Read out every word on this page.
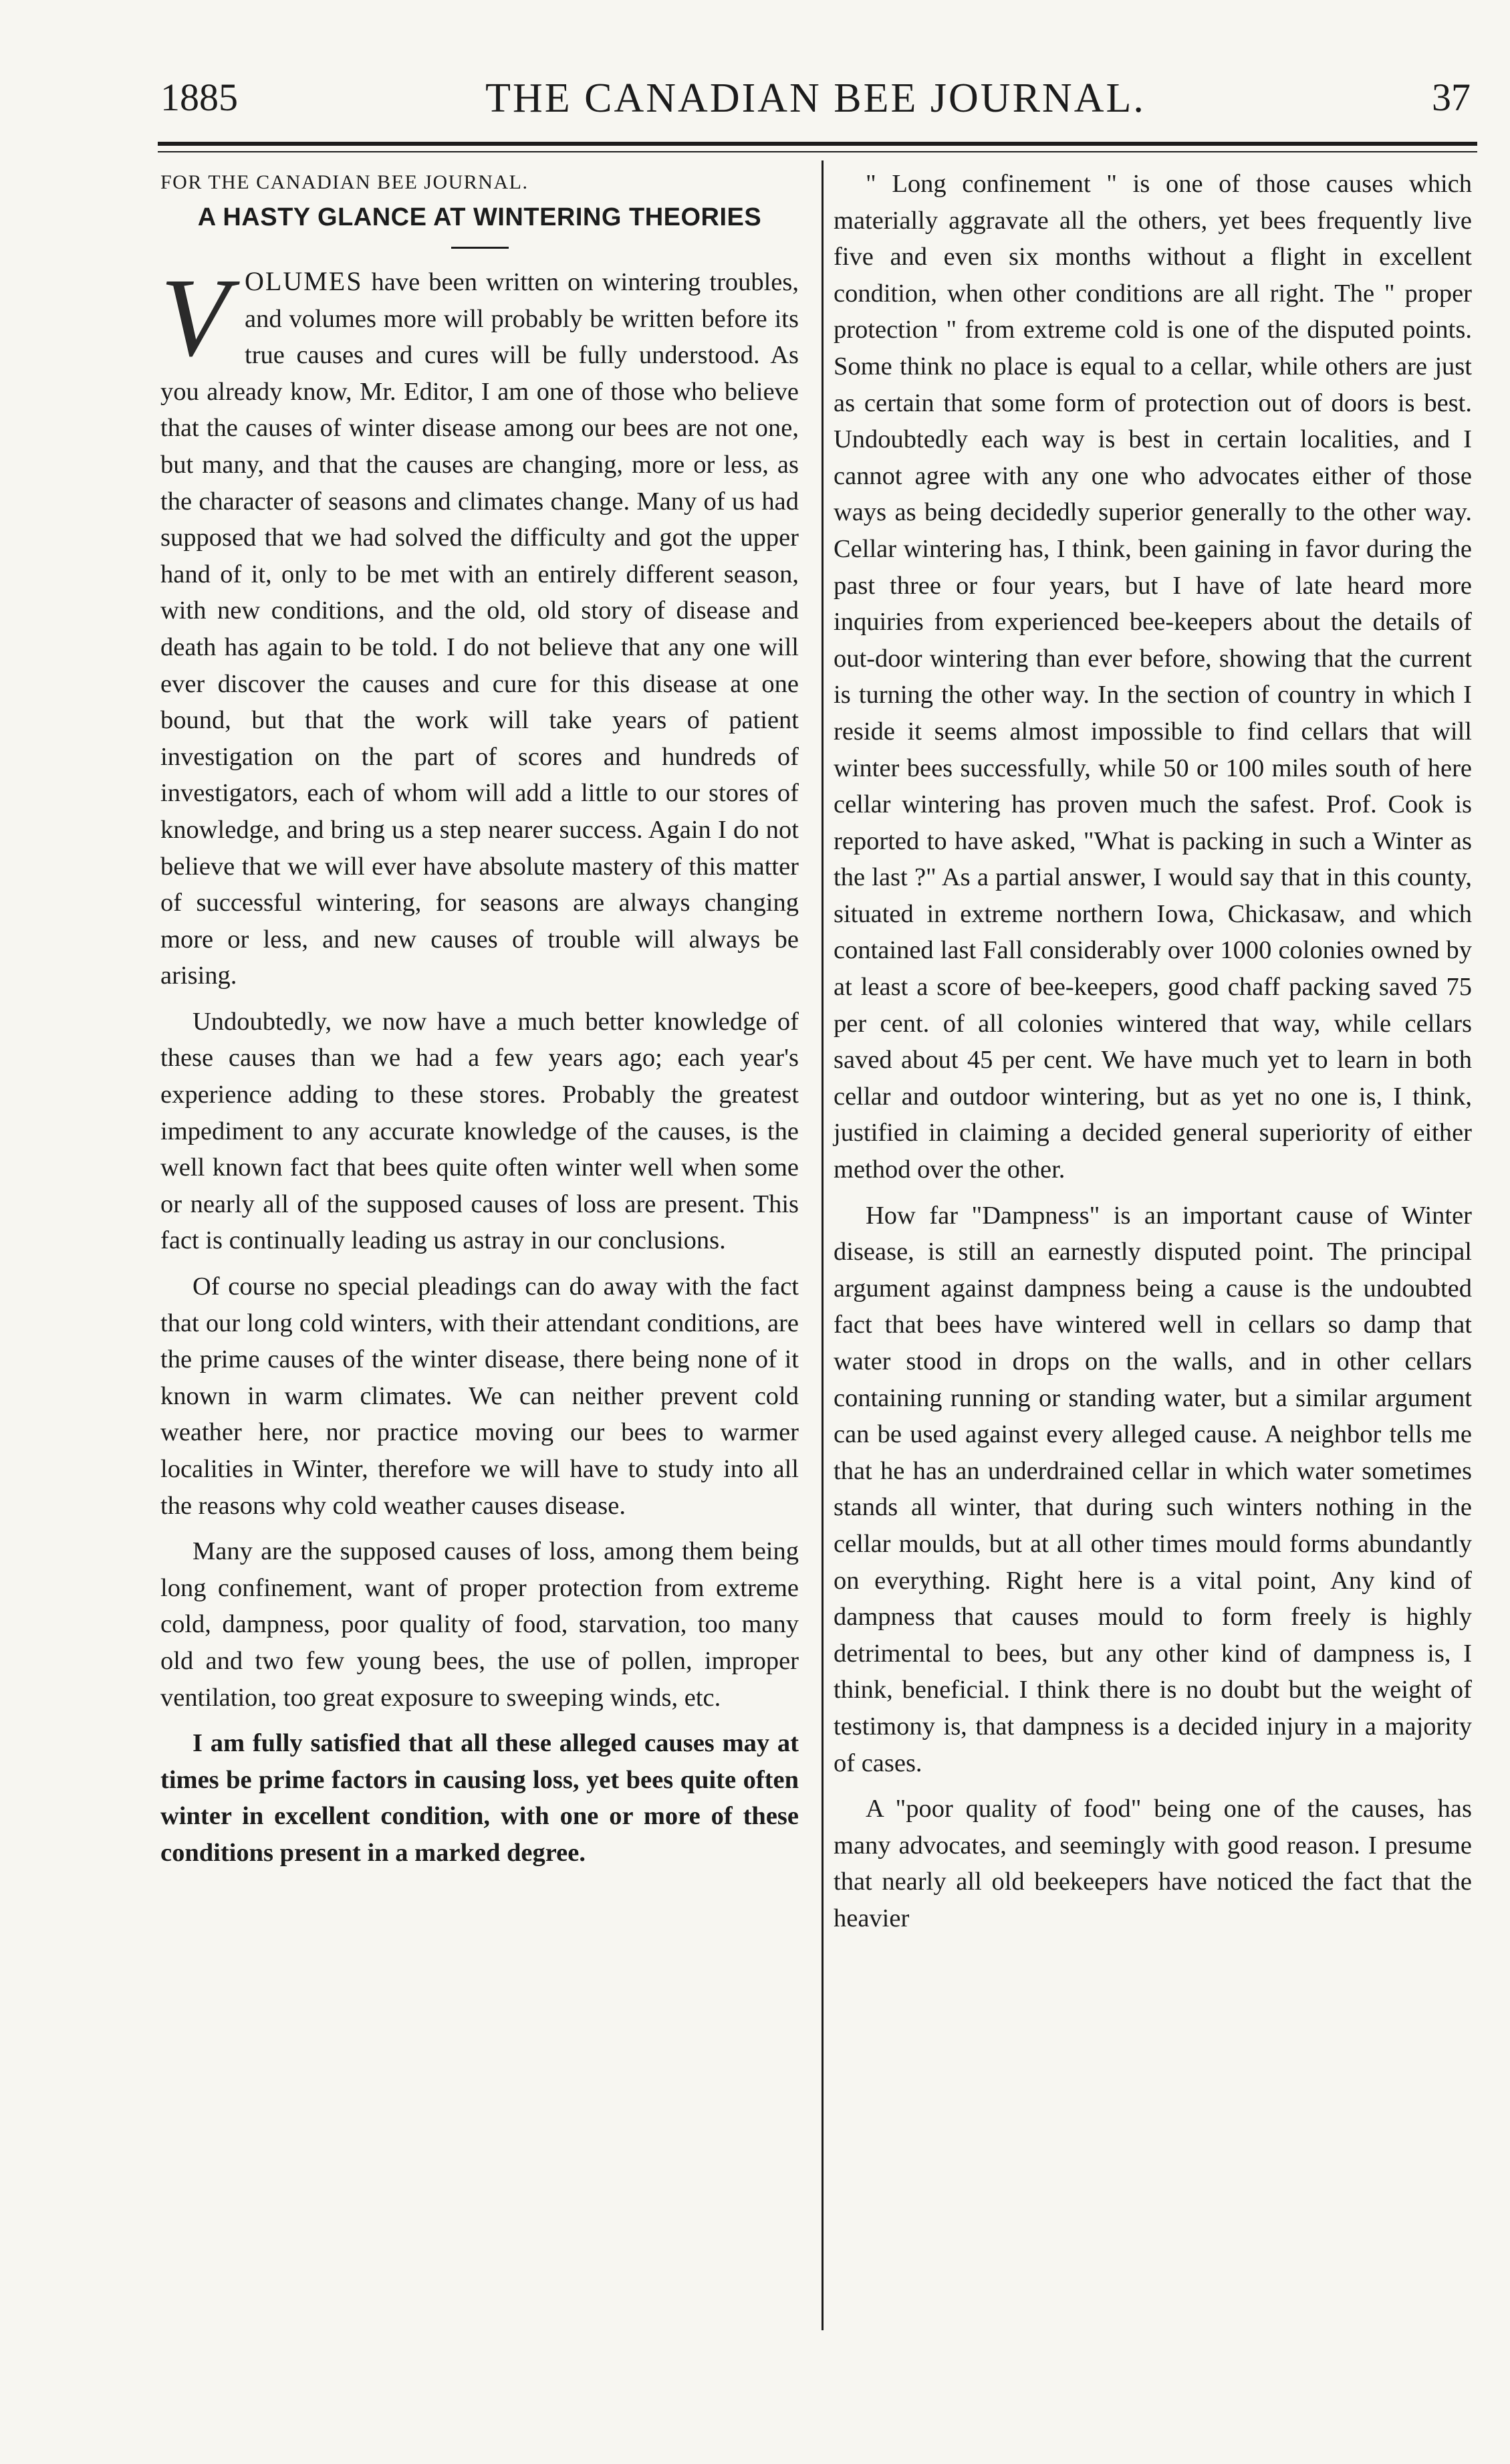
1885	THE CANADIAN BEE JOURNAL.	37
FOR THE CANADIAN BEE JOURNAL.
A HASTY GLANCE AT WINTERING THEORIES

VOLUMES have been written on wintering troubles, and volumes more will probably be written before its true causes and cures will be fully understood. As you already know, Mr. Editor, I am one of those who believe that the causes of winter disease among our bees are not one, but many, and that the causes are changing, more or less, as the character of seasons and climates change. Many of us had supposed that we had solved the difficulty and got the upper hand of it, only to be met with an entirely different season, with new conditions, and the old, old story of disease and death has again to be told. I do not believe that any one will ever discover the causes and cure for this disease at one bound, but that the work will take years of patient investigation on the part of scores and hundreds of investigators, each of whom will add a little to our stores of knowledge, and bring us a step nearer success. Again I do not believe that we will ever have absolute mastery of this matter of successful wintering, for seasons are always changing more or less, and new causes of trouble will always be arising.

Undoubtedly, we now have a much better knowledge of these causes than we had a few years ago; each year's experience adding to these stores. Probably the greatest impediment to any accurate knowledge of the causes, is the well known fact that bees quite often winter well when some or nearly all of the supposed causes of loss are present. This fact is continually leading us astray in our conclusions.

Of course no special pleadings can do away with the fact that our long cold winters, with their attendant conditions, are the prime causes of the winter disease, there being none of it known in warm climates. We can neither prevent cold weather here, nor practice moving our bees to warmer localities in Winter, therefore we will have to study into all the reasons why cold weather causes disease.

Many are the supposed causes of loss, among them being long confinement, want of proper protection from extreme cold, dampness, poor quality of food, starvation, too many old and two few young bees, the use of pollen, improper ventilation, too great exposure to sweeping winds, etc.

I am fully satisfied that all these alleged causes may at times be prime factors in causing loss, yet bees quite often winter in excellent condition, with one or more of these conditions present in a marked degree.

" Long confinement " is one of those causes which materially aggravate all the others, yet bees frequently live five and even six months without a flight in excellent condition, when other conditions are all right. The " proper protection " from extreme cold is one of the disputed points. Some think no place is equal to a cellar, while others are just as certain that some form of protection out of doors is best. Undoubtedly each way is best in certain localities, and I cannot agree with any one who advocates either of those ways as being decidedly superior generally to the other way. Cellar wintering has, I think, been gaining in favor during the past three or four years, but I have of late heard more inquiries from experienced bee-keepers about the details of out-door wintering than ever before, showing that the current is turning the other way. In the section of country in which I reside it seems almost impossible to find cellars that will winter bees successfully, while 50 or 100 miles south of here cellar wintering has proven much the safest. Prof. Cook is reported to have asked, "What is packing in such a Winter as the last ?" As a partial answer, I would say that in this county, situated in extreme northern Iowa, Chickasaw, and which contained last Fall considerably over 1000 colonies owned by at least a score of bee-keepers, good chaff packing saved 75 per cent. of all colonies wintered that way, while cellars saved about 45 per cent. We have much yet to learn in both cellar and outdoor wintering, but as yet no one is, I think, justified in claiming a decided general superiority of either method over the other.

How far "Dampness" is an important cause of Winter disease, is still an earnestly disputed point. The principal argument against dampness being a cause is the undoubted fact that bees have wintered well in cellars so damp that water stood in drops on the walls, and in other cellars containing running or standing water, but a similar argument can be used against every alleged cause. A neighbor tells me that he has an underdrained cellar in which water sometimes stands all winter, that during such winters nothing in the cellar moulds, but at all other times mould forms abundantly on everything. Right here is a vital point, Any kind of dampness that causes mould to form freely is highly detrimental to bees, but any other kind of dampness is, I think, beneficial. I think there is no doubt but the weight of testimony is, that dampness is a decided injury in a majority of cases.

A "poor quality of food" being one of the causes, has many advocates, and seemingly with good reason. I presume that nearly all old beekeepers have noticed the fact that the heavier
